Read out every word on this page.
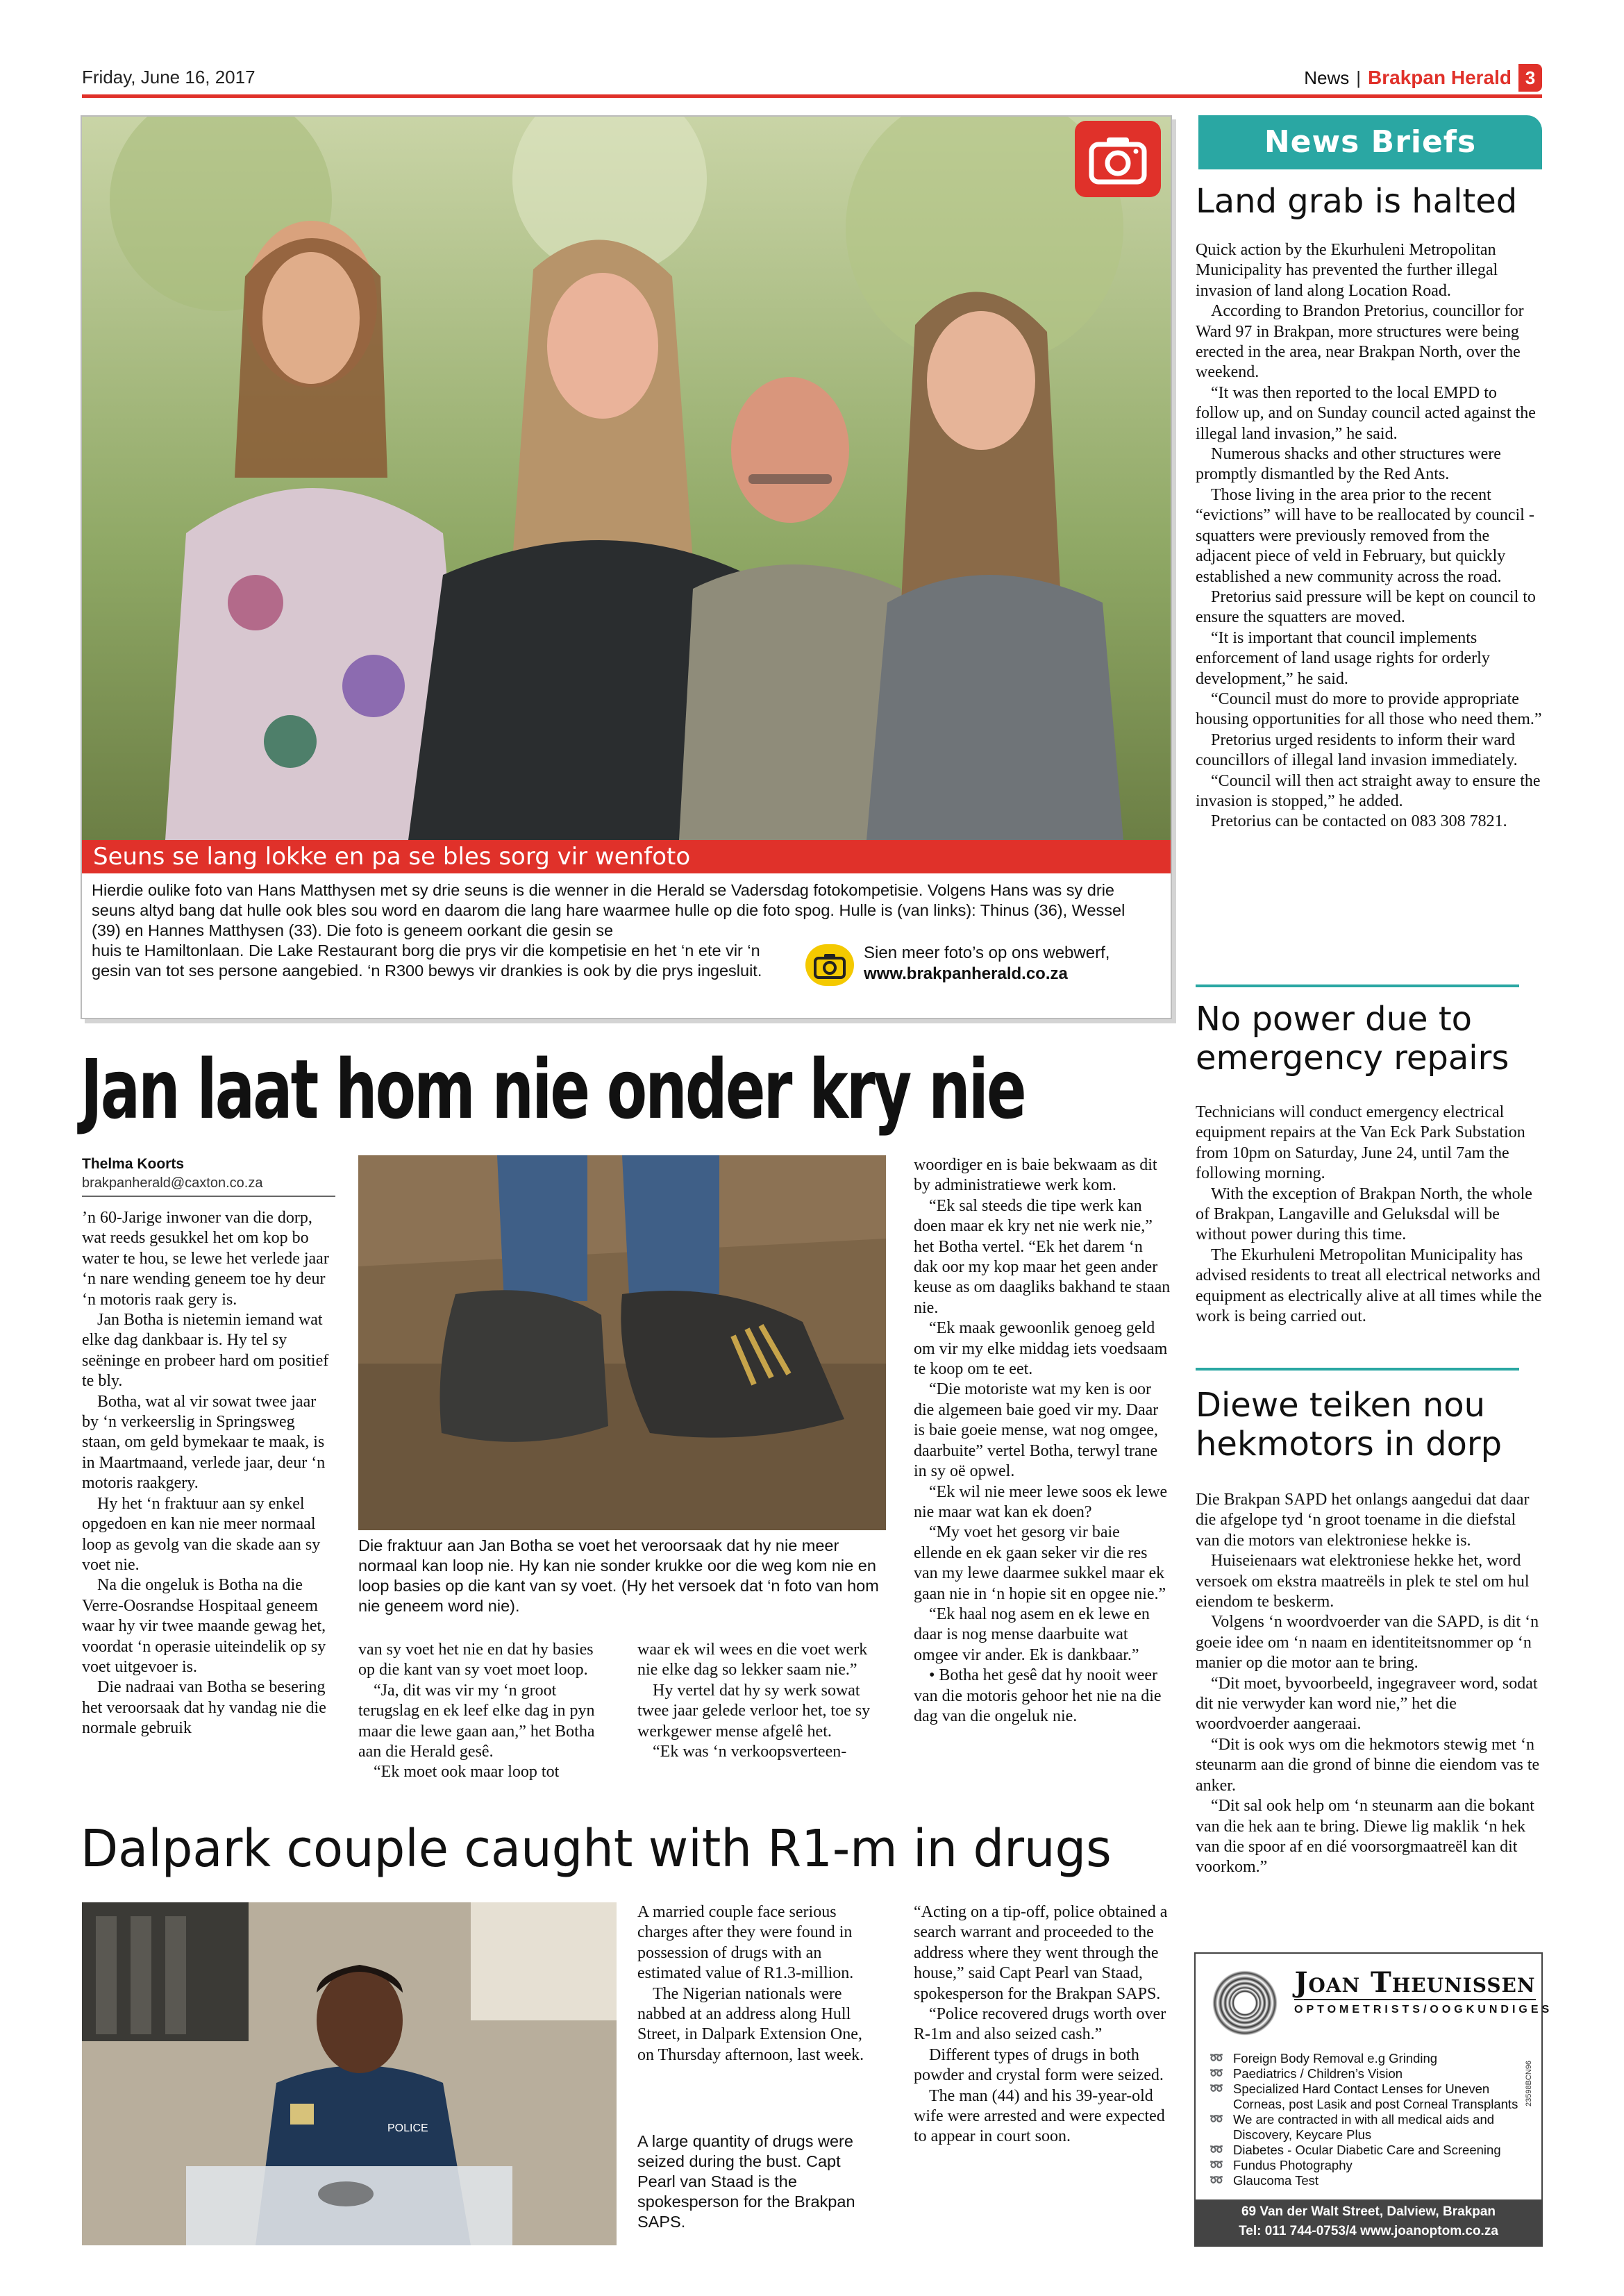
Friday, June 16, 2017	News | Brakpan Herald 3
Seuns se lang lokke en pa se bles sorg vir wenfoto
Hierdie oulike foto van Hans Matthysen met sy drie seuns is die wenner in die Herald se Vadersdag fotokompetisie. Volgens Hans was sy drie seuns altyd bang dat hulle ook bles sou word en daarom die lang hare waarmee hulle op die foto spog. Hulle is (van links): Thinus (36), Wessel (39) en Hannes Matthysen (33). Die foto is geneem oorkant die gesin se
huis te Hamiltonlaan. Die Lake Restaurant borg die prys vir die kompetisie en het ‘n ete vir ‘n gesin van tot ses persone aangebied. ‘n R300 bewys vir drankies is ook by die prys ingesluit.
Sien meer foto’s op ons webwerf,
www.brakpanherald.co.za
Jan laat hom nie onder kry nie
Thelma Koorts
brakpanherald@caxton.co.za

’n 60-Jarige inwoner van die dorp, wat reeds gesukkel het om kop bo water te hou, se lewe het verlede jaar ‘n nare wending geneem toe hy deur ‘n motoris raak gery is.

Jan Botha is nietemin iemand wat elke dag dankbaar is. Hy tel sy seëninge en probeer hard om positief te bly.

Botha, wat al vir sowat twee jaar by ‘n verkeerslig in Springsweg staan, om geld bymekaar te maak, is in Maartmaand, verlede jaar, deur ‘n motoris raakgery.

Hy het ‘n fraktuur aan sy enkel opgedoen en kan nie meer normaal loop as gevolg van die skade aan sy voet nie.

Na die ongeluk is Botha na die Verre-Oosrandse Hospitaal geneem waar hy vir twee maande gewag het, voordat ‘n operasie uiteindelik op sy voet uitgevoer is.

Die nadraai van Botha se besering het veroorsaak dat hy vandag nie die normale gebruik

Die fraktuur aan Jan Botha se voet het veroorsaak dat hy nie meer normaal kan loop nie. Hy kan nie sonder krukke oor die weg kom nie en loop basies op die kant van sy voet. (Hy het versoek dat ‘n foto van hom nie geneem word nie).

van sy voet het nie en dat hy basies op die kant van sy voet moet loop.

“Ja, dit was vir my ‘n groot terugslag en ek leef elke dag in pyn maar die lewe gaan aan,” het Botha aan die Herald gesê.

“Ek moet ook maar loop tot

waar ek wil wees en die voet werk nie elke dag so lekker saam nie.”

Hy vertel dat hy sy werk sowat twee jaar gelede verloor het, toe sy werkgewer mense afgelê het.

“Ek was ‘n verkoopsverteen-

woordiger en is baie bekwaam as dit by administratiewe werk kom.

“Ek sal steeds die tipe werk kan doen maar ek kry net nie werk nie,” het Botha vertel. “Ek het darem ‘n dak oor my kop maar het geen ander keuse as om daagliks bakhand te staan nie.

“Ek maak gewoonlik genoeg geld om vir my elke middag iets voedsaam te koop om te eet.

“Die motoriste wat my ken is oor die algemeen baie goed vir my. Daar is baie goeie mense, wat nog omgee, daarbuite” vertel Botha, terwyl trane in sy oë opwel.

“Ek wil nie meer lewe soos ek lewe nie maar wat kan ek doen?

“My voet het gesorg vir baie ellende en ek gaan seker vir die res van my lewe daarmee sukkel maar ek gaan nie in ‘n hopie sit en opgee nie.”

“Ek haal nog asem en ek lewe en daar is nog mense daarbuite wat omgee vir ander. Ek is dankbaar.”

• Botha het gesê dat hy nooit weer van die motoris gehoor het nie na die dag van die ongeluk nie.

Dalpark couple caught with R1-m in drugs
POLICE

A married couple face serious charges after they were found in possession of drugs with an estimated value of R1.3-million.

The Nigerian nationals were nabbed at an address along Hull Street, in Dalpark Extension One, on Thursday afternoon, last week.

A large quantity of drugs were seized during the bust. Capt Pearl van Staad is the spokesperson for the Brakpan SAPS.

“Acting on a tip-off, police obtained a search warrant and proceeded to the address where they went through the house,” said Capt Pearl van Staad, spokesperson for the Brakpan SAPS.

“Police recovered drugs worth over R-1m and also seized cash.”

Different types of drugs in both powder and crystal form were seized.

The man (44) and his 39-year-old wife were arrested and were expected to appear in court soon.

News Briefs
Land grab is halted

Quick action by the Ekurhuleni Metropolitan Municipality has prevented the further illegal invasion of land along Location Road.

According to Brandon Pretorius, councillor for Ward 97 in Brakpan, more structures were being erected in the area, near Brakpan North, over the weekend.

“It was then reported to the local EMPD to follow up, and on Sunday council acted against the illegal land invasion,” he said.

Numerous shacks and other structures were promptly dismantled by the Red Ants.

Those living in the area prior to the recent “evictions” will have to be reallocated by council - squatters were previously removed from the adjacent piece of veld in February, but quickly established a new community across the road.

Pretorius said pressure will be kept on council to ensure the squatters are moved.

“It is important that council implements enforcement of land usage rights for orderly development,” he said.

“Council must do more to provide appropriate housing opportunities for all those who need them.”

Pretorius urged residents to inform their ward councillors of illegal land invasion immediately.

“Council will then act straight away to ensure the invasion is stopped,” he added.

Pretorius can be contacted on 083 308 7821.

No power due to emergency repairs

Technicians will conduct emergency electrical equipment repairs at the Van Eck Park Substation from 10pm on Saturday, June 24, until 7am the following morning.

With the exception of Brakpan North, the whole of Brakpan, Langaville and Geluksdal will be without power during this time.

The Ekurhuleni Metropolitan Municipality has advised residents to treat all electrical networks and equipment as electrically alive at all times while the work is being carried out.

Diewe teiken nou hekmotors in dorp

Die Brakpan SAPD het onlangs aangedui dat daar die afgelope tyd ‘n groot toename in die diefstal van die motors van elektroniese hekke is.

Huiseienaars wat elektroniese hekke het, word versoek om ekstra maatreëls in plek te stel om hul eiendom te beskerm.

Volgens ‘n woordvoerder van die SAPD, is dit ‘n goeie idee om ‘n naam en identiteitsnommer op ‘n manier op die motor aan te bring.

“Dit moet, byvoorbeeld, ingegraveer word, sodat dit nie verwyder kan word nie,” het die woordvoerder aangeraai.

“Dit is ook wys om die hekmotors stewig met ‘n steunarm aan die grond of binne die eiendom vas te anker.

“Dit sal ook help om ‘n steunarm aan die bokant van die hek aan te bring. Diewe lig maklik ‘n hek van die spoor af en dié voorsorgmaatreël kan dit voorkom.”

Joan Theunissen
OPTOMETRISTS/OOGKUNDIGES
➿ Foreign Body Removal e.g Grinding
➿ Paediatrics / Children’s Vision
➿ Specialized Hard Contact Lenses for Uneven Corneas, post Lasik and post Corneal Transplants
➿ We are contracted in with all medical aids and Discovery, Keycare Plus
➿ Diabetes - Ocular Diabetic Care and Screening
➿ Fundus Photography
➿ Glaucoma Test
23598BCN96
69 Van der Walt Street, Dalview, Brakpan
Tel: 011 744-0753/4 www.joanoptom.co.za
